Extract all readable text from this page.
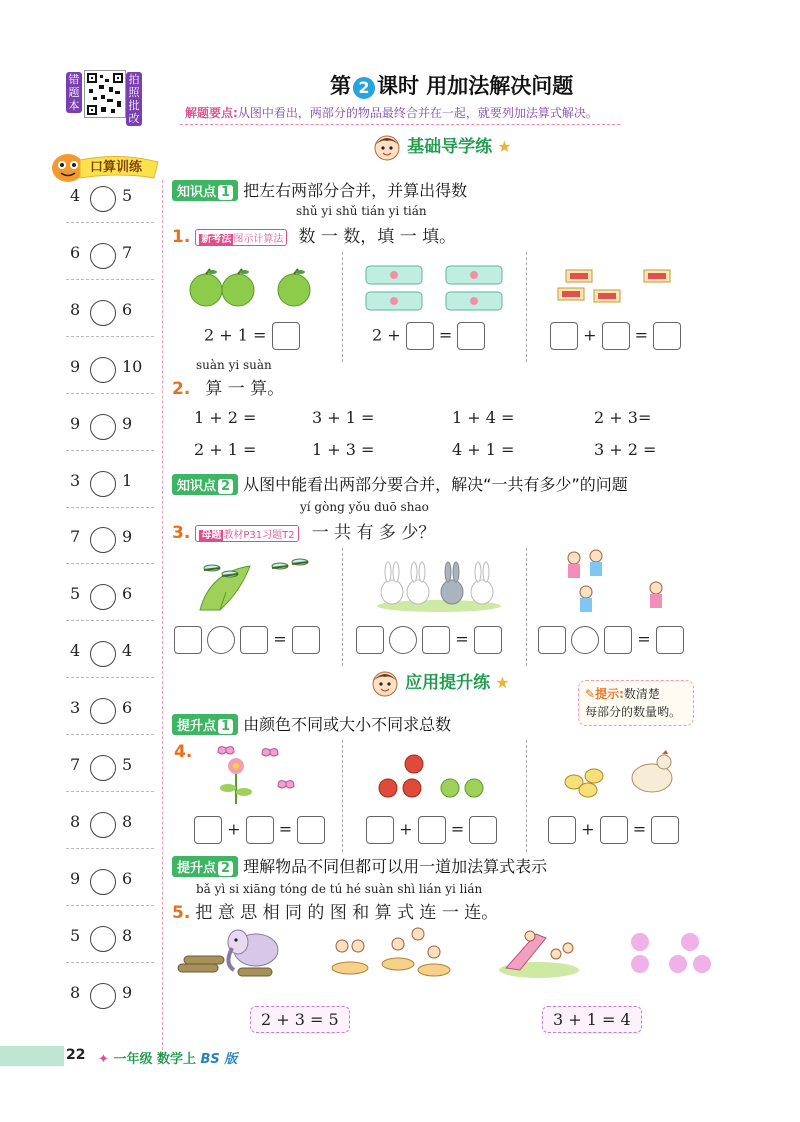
错题本
拍照批改
第 2 课时 用加法解决问题
解题要点:从图中看出，两部分的物品最终合并在一起，就要列加法算式解决。
口算训练
4	5
6	7
8	6
9	10
9	9
3	1
7	9
5	6
4	4
3	6
7	5
8	8
9	6
5	8
8	9
基础导学练 ★
知识点 1 把左右两部分合并，并算出得数
shǔ yi shǔ tián yi tián
1. 新考法 图示计算法 数 一 数，填 一 填。
2 + 1 =	2 + =	+  =
suàn yi suàn
2. 算 一 算。
1 + 2 =	3 + 1 =	1 + 4 =	2 + 3=
2 + 1 =	1 + 3 =	4 + 1 =	3 + 2 =
知识点 2 从图中能看出两部分要合并，解决“一共有多少”的问题
yí gòng yǒu duō shao
3. 母题 教材P31习题T2 一 共 有 多 少？
=	=	=
应用提升练 ★
✎提示:数清楚
每部分的数量哟。
提升点 1 由颜色不同或大小不同求总数
4.
+ =	+ =	+ =
提升点 2 理解物品不同但都可以用一道加法算式表示
bǎ yì si xiāng tóng de tú hé suàn shì lián yi lián
5. 把 意 思 相 同 的 图 和 算 式 连 一 连。
2 + 3 = 5	3 + 1 = 4
22 ✦ 一年级 数学上 BS 版
